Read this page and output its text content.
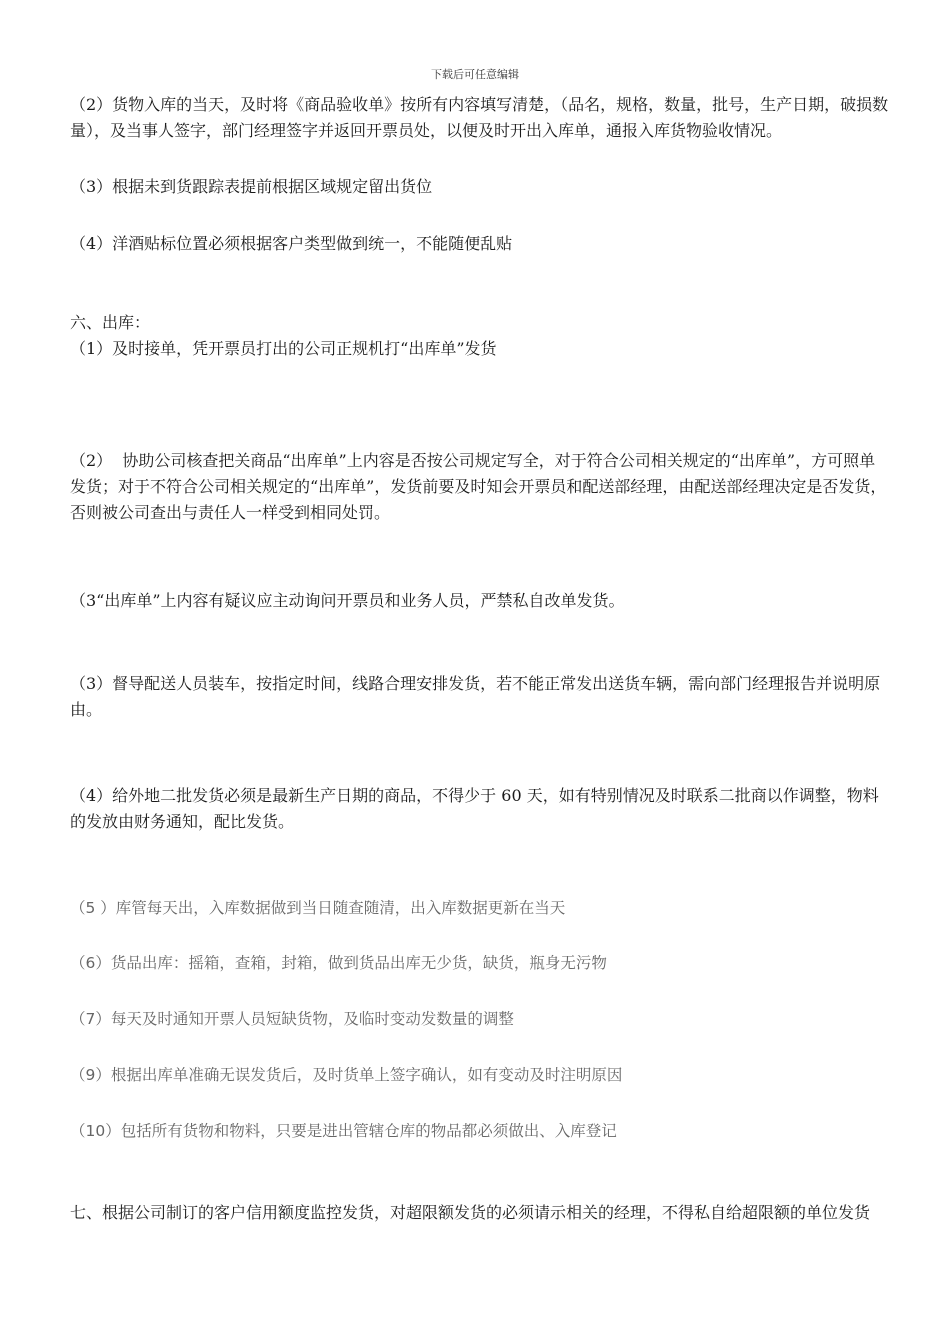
下载后可任意编辑

（2）货物入库的当天，及时将《商品验收单》按所有内容填写清楚，（品名，规格，数量，批号，生产日期，破损数量），及当事人签字，部门经理签字并返回开票员处，以便及时开出入库单，通报入库货物验收情况。

（3）根据未到货跟踪表提前根据区域规定留出货位

（4）洋酒贴标位置必须根据客户类型做到统一，不能随便乱贴

六、出库：

（1）及时接单，凭开票员打出的公司正规机打“出库单”发货

（2）  协助公司核查把关商品“出库单”上内容是否按公司规定写全，对于符合公司相关规定的“出库单”，方可照单发货；对于不符合公司相关规定的“出库单”，发货前要及时知会开票员和配送部经理，由配送部经理决定是否发货，否则被公司查出与责任人一样受到相同处罚。

（3“出库单”上内容有疑议应主动询问开票员和业务人员，严禁私自改单发货。

（3）督导配送人员装车，按指定时间，线路合理安排发货，若不能正常发出送货车辆，需向部门经理报告并说明原由。

（4）给外地二批发货必须是最新生产日期的商品，不得少于 60 天，如有特别情况及时联系二批商以作调整，物料的发放由财务通知，配比发货。

（5 ）库管每天出，入库数据做到当日随查随清，出入库数据更新在当天

（6）货品出库：摇箱，查箱，封箱，做到货品出库无少货，缺货，瓶身无污物

（7）每天及时通知开票人员短缺货物，及临时变动发数量的调整

（9）根据出库单准确无误发货后，及时货单上签字确认，如有变动及时注明原因

（10）包括所有货物和物料，只要是进出管辖仓库的物品都必须做出、入库登记

七、根据公司制订的客户信用额度监控发货，对超限额发货的必须请示相关的经理，不得私自给超限额的单位发货
